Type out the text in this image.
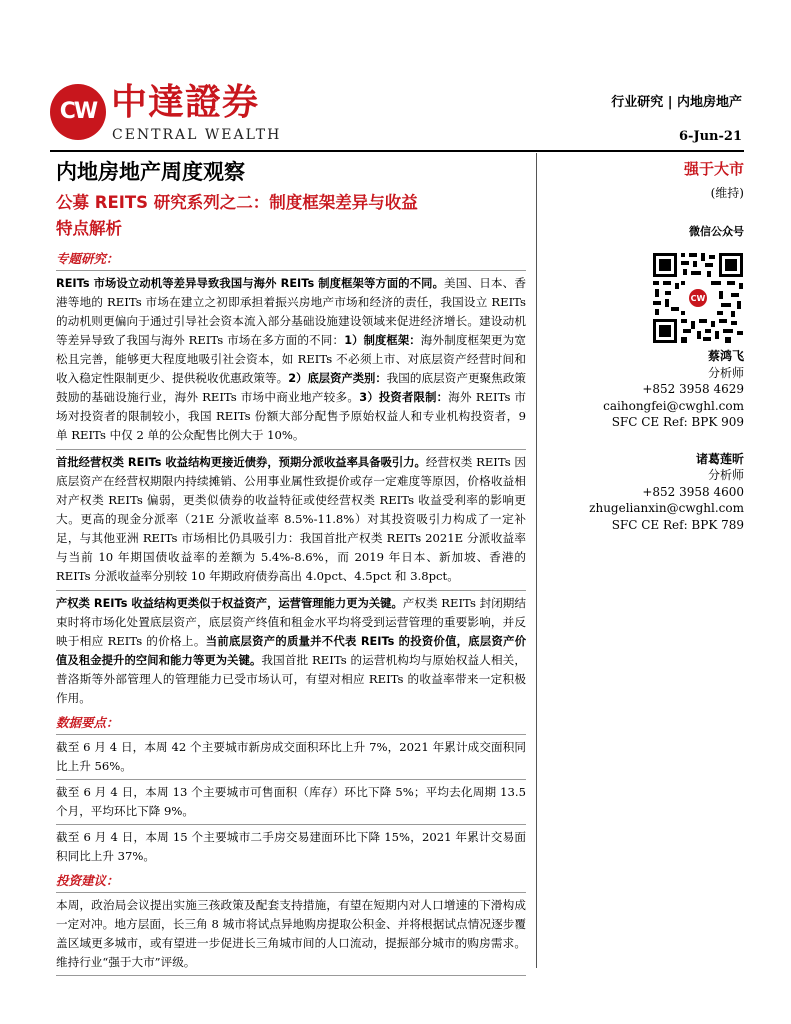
CW 中達證券
CENTRAL WEALTH
行业研究 | 内地房地产
6-Jun-21
内地房地产周度观察
公募 REITS 研究系列之二：制度框架差异与收益
特点解析
专题研究：
REITs 市场设立动机等差异导致我国与海外 REITs 制度框架等方面的不同。美国、日本、香港等地的 REITs 市场在建立之初即承担着振兴房地产市场和经济的责任，我国设立 REITs 的动机则更偏向于通过引导社会资本流入部分基础设施建设领域来促进经济增长。建设动机等差异导致了我国与海外 REITs 市场在多方面的不同：1）制度框架：海外制度框架更为宽松且完善，能够更大程度地吸引社会资本，如 REITs 不必须上市、对底层资产经营时间和收入稳定性限制更少、提供税收优惠政策等。2）底层资产类别：我国的底层资产更聚焦政策鼓励的基础设施行业，海外 REITs 市场中商业地产较多。3）投资者限制：海外 REITs 市场对投资者的限制较小，我国 REITs 份额大部分配售予原始权益人和专业机构投资者，9 单 REITs 中仅 2 单的公众配售比例大于 10%。
首批经营权类 REITs 收益结构更接近债券，预期分派收益率具备吸引力。经营权类 REITs 因底层资产在经营权期限内持续摊销、公用事业属性致提价或存一定难度等原因，价格收益相对产权类 REITs 偏弱，更类似债券的收益特征或使经营权类 REITs 收益受利率的影响更大。更高的现金分派率（21E 分派收益率 8.5%-11.8%）对其投资吸引力构成了一定补足，与其他亚洲 REITs 市场相比仍具吸引力：我国首批产权类 REITs 2021E 分派收益率与当前 10 年期国债收益率的差额为 5.4%-8.6%，而 2019 年日本、新加坡、香港的 REITs 分派收益率分别较 10 年期政府债券高出 4.0pct、4.5pct 和 3.8pct。
产权类 REITs 收益结构更类似于权益资产，运营管理能力更为关键。产权类 REITs 封闭期结束时将市场化处置底层资产，底层资产终值和租金水平均将受到运营管理的重要影响，并反映于相应 REITs 的价格上。当前底层资产的质量并不代表 REITs 的投资价值，底层资产价值及租金提升的空间和能力等更为关键。我国首批 REITs 的运营机构均与原始权益人相关，普洛斯等外部管理人的管理能力已受市场认可，有望对相应 REITs 的收益率带来一定积极作用。
数据要点：
截至 6 月 4 日，本周 42 个主要城市新房成交面积环比上升 7%，2021 年累计成交面积同比上升 56%。
截至 6 月 4 日，本周 13 个主要城市可售面积（库存）环比下降 5%；平均去化周期 13.5 个月，平均环比下降 9%。
截至 6 月 4 日，本周 15 个主要城市二手房交易建面环比下降 15%，2021 年累计交易面积同比上升 37%。
投资建议：
本周，政治局会议提出实施三孩政策及配套支持措施，有望在短期内对人口增速的下滑构成一定对冲。地方层面，长三角 8 城市将试点异地购房提取公积金、并将根据试点情况逐步覆盖区域更多城市，或有望进一步促进长三角城市间的人口流动，提振部分城市的购房需求。维持行业“强于大市”评级。
强于大市
(维持)
微信公众号
CW
蔡鸿飞
分析师
+852 3958 4629
caihongfei@cwghl.com
SFC CE Ref: BPK 909
诸葛莲昕
分析师
+852 3958 4600
zhugelianxin@cwghl.com
SFC CE Ref: BPK 789
